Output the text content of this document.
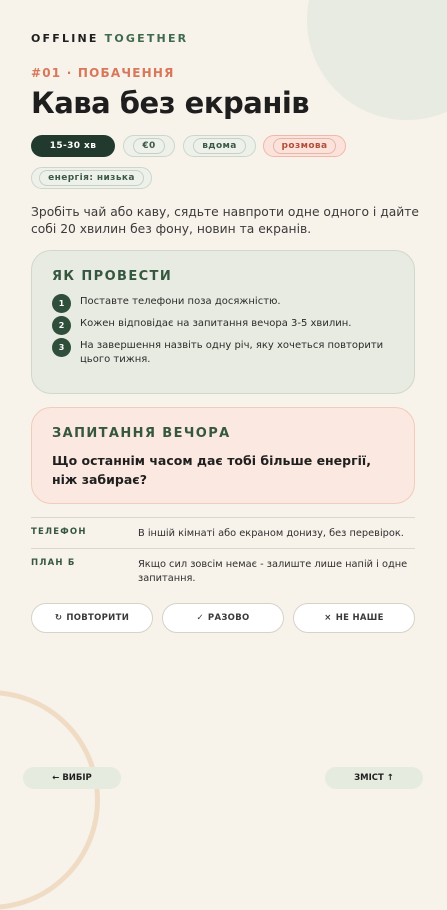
OFFLINE TOGETHER
#01 · ПОБАЧЕННЯ
Кава без екранів
15-30 хв	€0	вдома	розмова
енергія: низька

Зробіть чай або каву, сядьте навпроти одне одного і дайте собі 20 хвилин без фону, новин та екранів.

ЯК ПРОВЕСТИ
1	Поставте телефони поза досяжністю.
2	Кожен відповідає на запитання вечора 3-5 хвилин.
3	На завершення назвіть одну річ, яку хочеться повторити цього тижня.
ЗАПИТАННЯ ВЕЧОРА

Що останнім часом дає тобі більше енергії, ніж забирає?

ТЕЛЕФОН	В іншій кімнаті або екраном донизу, без перевірок.
ПЛАН Б	Якщо сил зовсім немає - залиште лише напій і одне запитання.
↻ ПОВТОРИТИ	✓ РАЗОВО	× НЕ НАШЕ
← ВИБІР	ЗМІСТ ↑
